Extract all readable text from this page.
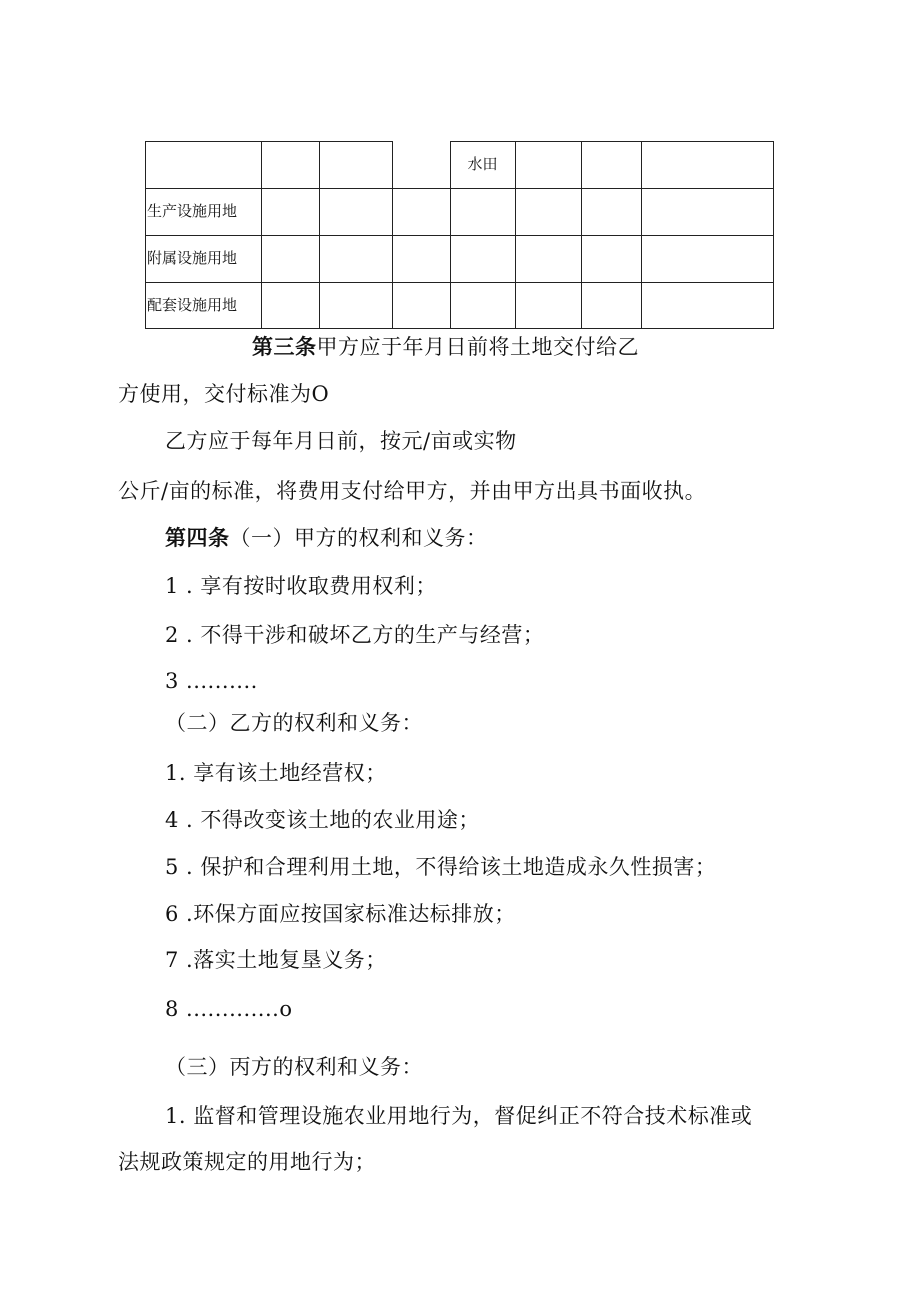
水田
生产设施用地
附属设施用地
配套设施用地
第三条甲方应于年月日前将土地交付给乙
方使用，交付标准为O
乙方应于每年月日前，按元/亩或实物
公斤/亩的标准，将费用支付给甲方，并由甲方出具书面收执。
第四条（一）甲方的权利和义务：
1 . 享有按时收取费用权利；
2 . 不得干涉和破坏乙方的生产与经营；
3 ..........
（二）乙方的权利和义务：
1. 享有该土地经营权；
4 . 不得改变该土地的农业用途；
5 . 保护和合理利用土地，不得给该土地造成永久性损害；
6 .环保方面应按国家标准达标排放；
7 .落实土地复垦义务；
8 .............o
（三）丙方的权利和义务：
1. 监督和管理设施农业用地行为，督促纠正不符合技术标准或
法规政策规定的用地行为；
